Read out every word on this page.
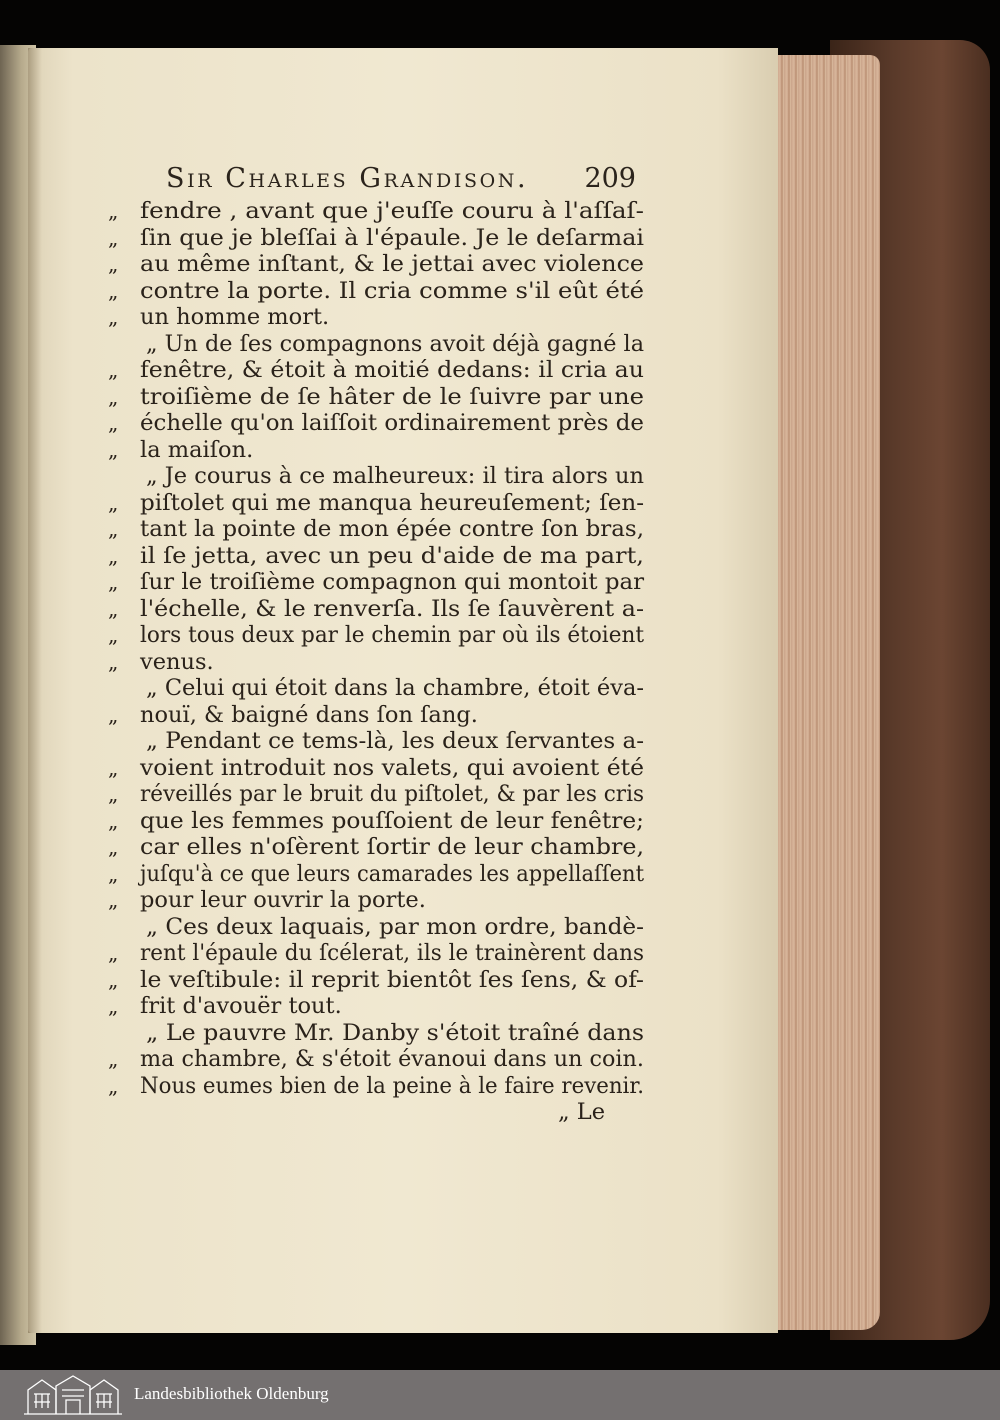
Sir Charles Grandison. 209
„ fendre , avant que j'euſſe couru à l'aſſaſ-
„ ſin que je bleſſai à l'épaule. Je le deſarmai
„ au même inſtant, & le jettai avec violence
„ contre la porte. Il cria comme s'il eût été
„ un homme mort.
„ Un de ſes compagnons avoit déjà gagné la
„ fenêtre, & étoit à moitié dedans: il cria au
„ troiſième de ſe hâter de le ſuivre par une
„ échelle qu'on laiſſoit ordinairement près de
„ la maiſon.
„ Je courus à ce malheureux: il tira alors un
„ piſtolet qui me manqua heureuſement; ſen-
„ tant la pointe de mon épée contre ſon bras,
„ il ſe jetta, avec un peu d'aide de ma part,
„ ſur le troiſième compagnon qui montoit par
„ l'échelle, & le renverſa. Ils ſe ſauvèrent a-
„ lors tous deux par le chemin par où ils étoient
„ venus.
„ Celui qui étoit dans la chambre, étoit éva-
„ nouï, & baigné dans ſon ſang.
„ Pendant ce tems-là, les deux ſervantes a-
„ voient introduit nos valets, qui avoient été
„ réveillés par le bruit du piſtolet, & par les cris
„ que les femmes pouſſoient de leur fenêtre;
„ car elles n'oſèrent ſortir de leur chambre,
„ juſqu'à ce que leurs camarades les appellaſſent
„ pour leur ouvrir la porte.
„ Ces deux laquais, par mon ordre, bandè-
„ rent l'épaule du ſcélerat, ils le trainèrent dans
„ le veſtibule: il reprit bientôt ſes ſens, & of-
„ frit d'avouër tout.
„ Le pauvre Mr. Danby s'étoit traîné dans
„ ma chambre, & s'étoit évanoui dans un coin.
„ Nous eumes bien de la peine à le faire revenir.
„ Le
Landesbibliothek Oldenburg
